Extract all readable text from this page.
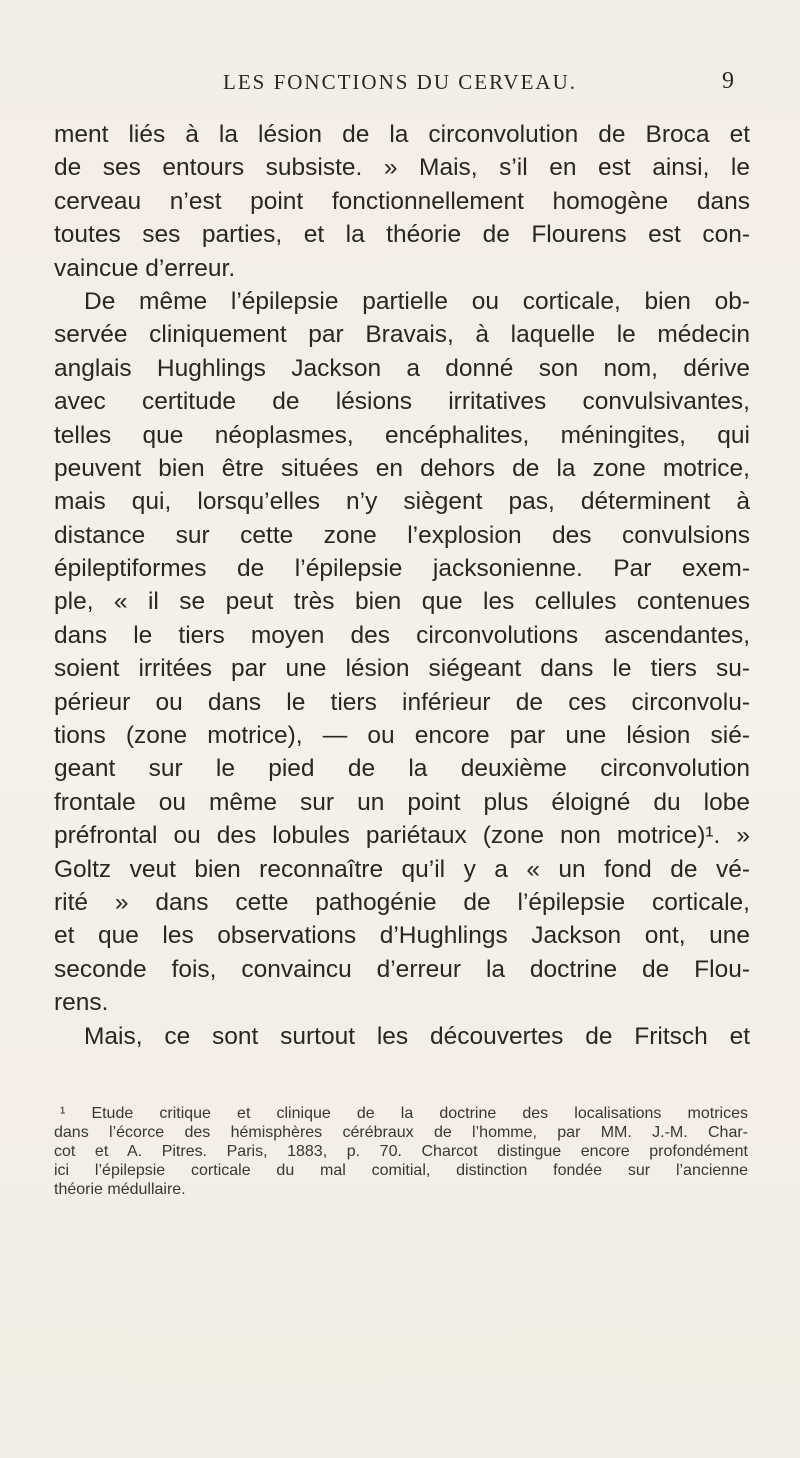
LES FONCTIONS DU CERVEAU.	9
ment liés à la lésion de la circonvolution de Broca et
de ses entours subsiste. » Mais, s’il en est ainsi, le
cerveau n’est point fonctionnellement homogène dans
toutes ses parties, et la théorie de Flourens est con-
vaincue d’erreur.
De même l’épilepsie partielle ou corticale, bien ob-
servée cliniquement par Bravais, à laquelle le médecin
anglais Hughlings Jackson a donné son nom, dérive
avec certitude de lésions irritatives convulsivantes,
telles que néoplasmes, encéphalites, méningites, qui
peuvent bien être situées en dehors de la zone motrice,
mais qui, lorsqu’elles n’y siègent pas, déterminent à
distance sur cette zone l’explosion des convulsions
épileptiformes de l’épilepsie jacksonienne. Par exem-
ple, « il se peut très bien que les cellules contenues
dans le tiers moyen des circonvolutions ascendantes,
soient irritées par une lésion siégeant dans le tiers su-
périeur ou dans le tiers inférieur de ces circonvolu-
tions (zone motrice), — ou encore par une lésion sié-
geant sur le pied de la deuxième circonvolution
frontale ou même sur un point plus éloigné du lobe
préfrontal ou des lobules pariétaux (zone non motrice)¹. »
Goltz veut bien reconnaître qu’il y a « un fond de vé-
rité » dans cette pathogénie de l’épilepsie corticale,
et que les observations d’Hughlings Jackson ont, une
seconde fois, convaincu d’erreur la doctrine de Flou-
rens.
Mais, ce sont surtout les découvertes de Fritsch et
¹ Etude critique et clinique de la doctrine des localisations motrices
dans l’écorce des hémisphères cérébraux de l’homme, par MM. J.-M. Char-
cot et A. Pitres. Paris, 1883, p. 70. Charcot distingue encore profondément
ici l’épilepsie corticale du mal comitial, distinction fondée sur l’ancienne
théorie médullaire.
